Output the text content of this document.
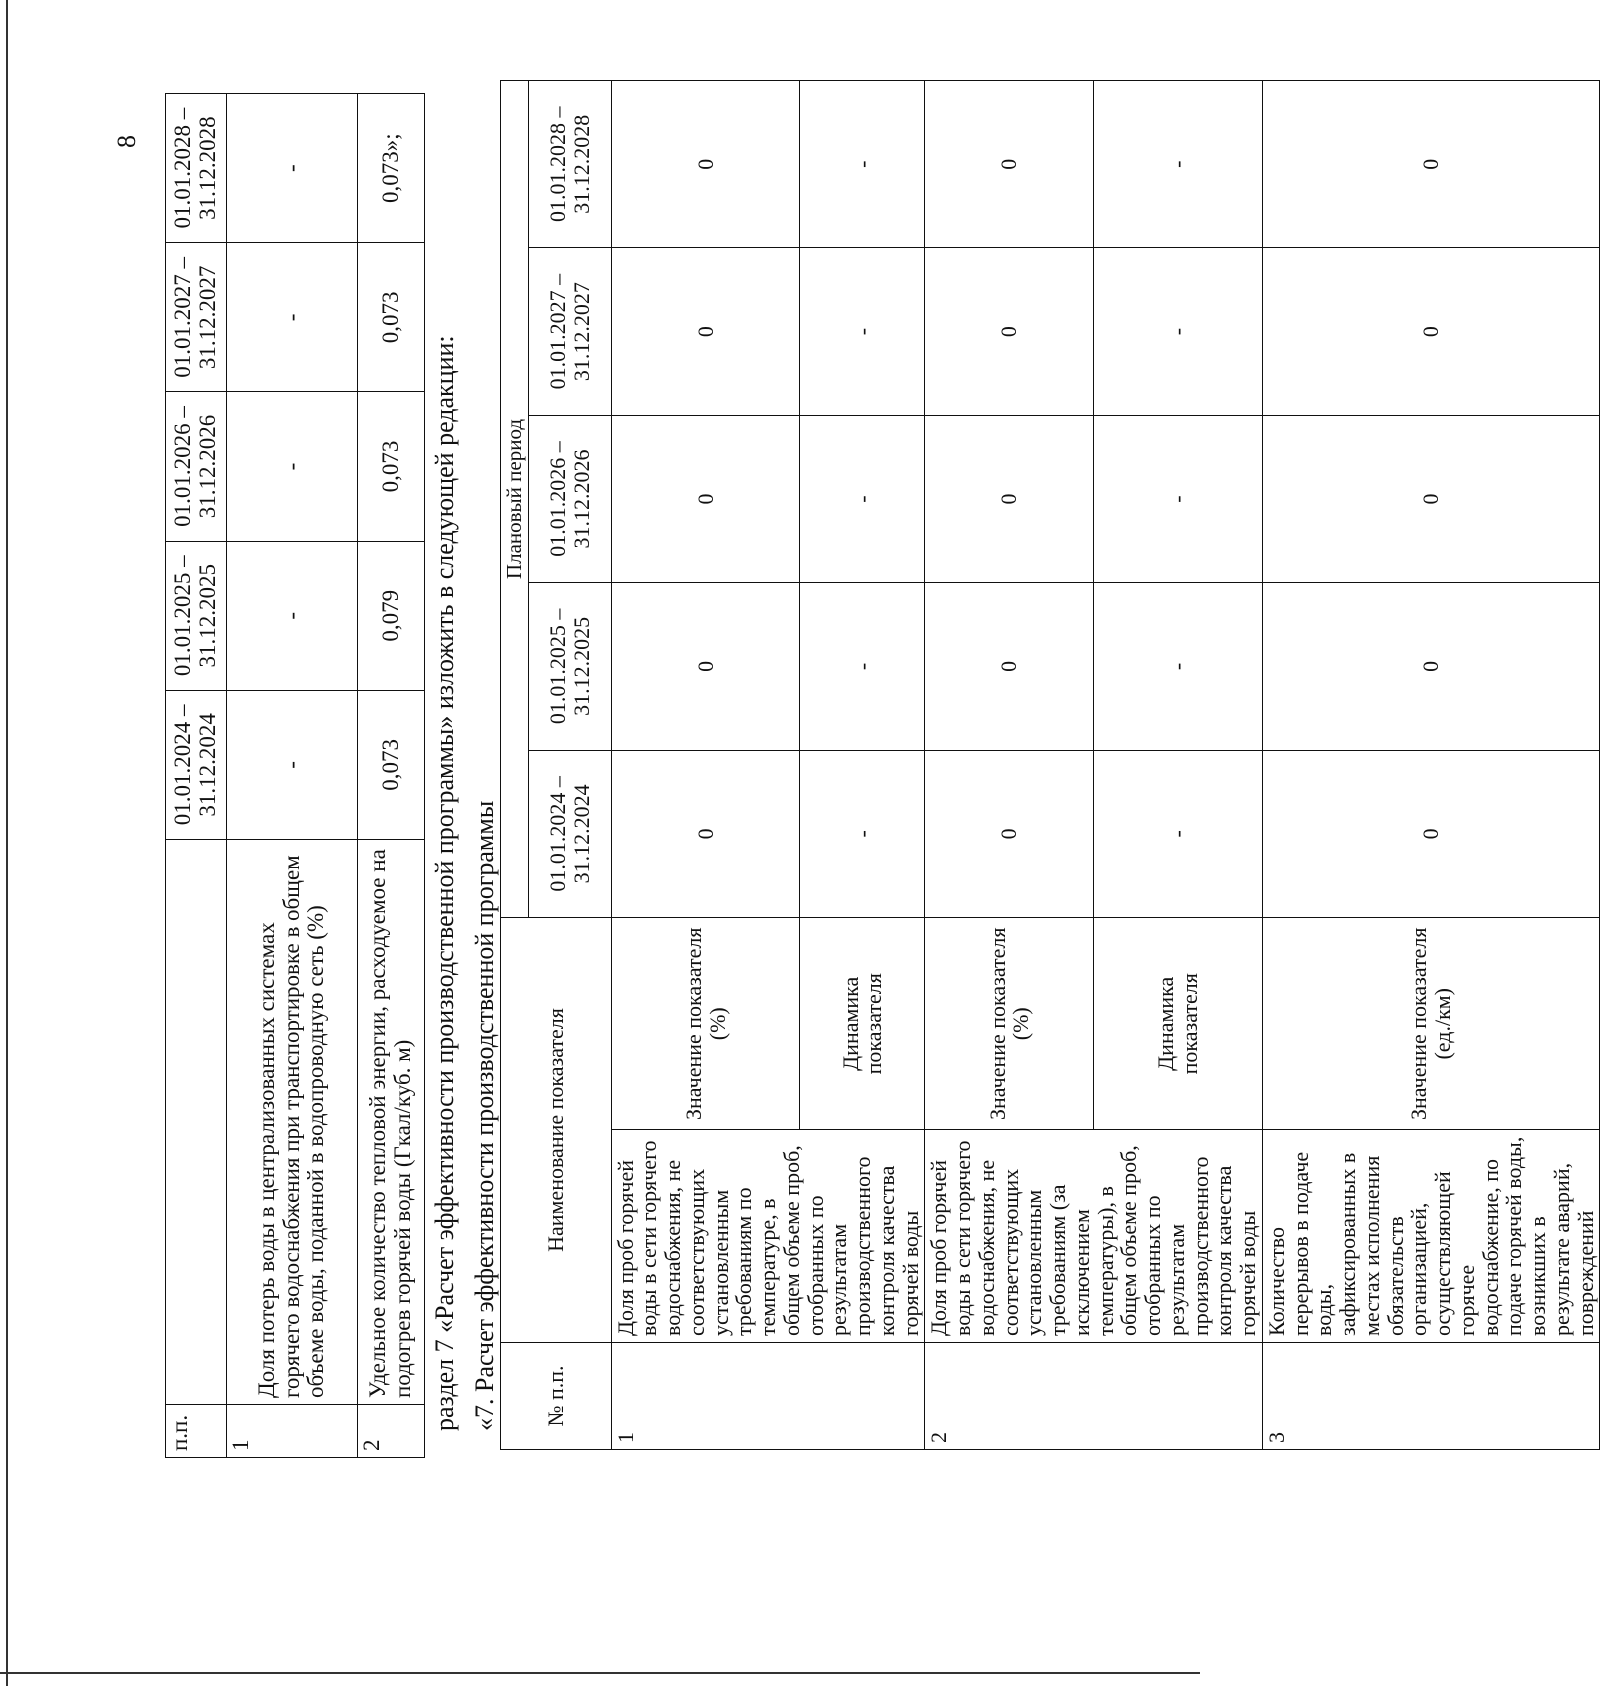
8
п.п.		01.01.2024 – 31.12.2024	01.01.2025 – 31.12.2025	01.01.2026 – 31.12.2026	01.01.2027 – 31.12.2027	01.01.2028 – 31.12.2028
1	Доля потерь воды в централизованных системах горячего водоснабжения при транспортировке в общем объеме воды, поданной в водопроводную сеть (%)	-	-	-	-	-
2	Удельное количество тепловой энергии, расходуемое на подогрев горячей воды (Гкал/куб. м)	0,073	0,079	0,073	0,073	0,073»;
раздел 7 «Расчет эффективности производственной программы» изложить в следующей редакции: «7. Расчет эффективности производственной программы № п.п.	Наименование показателя		Плановый период				
			01.01.2024 – 31.12.2024	01.01.2025 – 31.12.2025	01.01.2026 – 31.12.2026	01.01.2027 – 31.12.2027	01.01.2028 – 31.12.2028
1	Доля проб горячей воды в сети горячего водоснабжения, не соответствующих установленным требованиям по температуре, в общем объеме проб, отобранных по результатам производственного контроля качества горячей воды	Значение показателя (%)	0	0	0	0	0
		Динамика показателя	-	-	-	-	-
2	Доля проб горячей воды в сети горячего водоснабжения, не соответствующих установленным требованиям (за исключением температуры), в общем объеме проб, отобранных по результатам производственного контроля качества горячей воды	Значение показателя (%)	0	0	0	0	0
		Динамика показателя	-	-	-	-	-
3	Количество перерывов в подаче воды, зафиксированных в местах исполнения обязательств организацией, осуществляющей горячее водоснабжение, по подаче горячей воды, возникших в результате аварий, повреждений	Значение показателя (ед./км)	0	0	0	0	0
